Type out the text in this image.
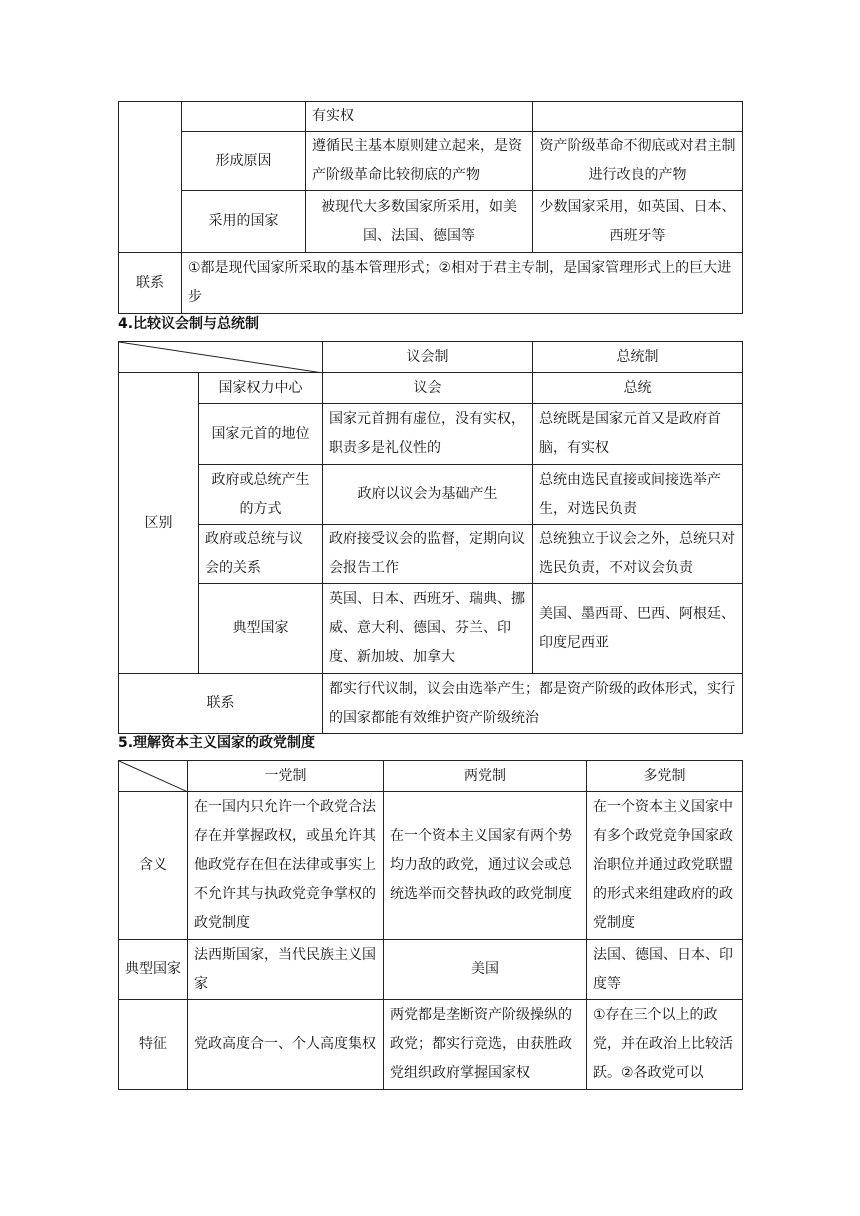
		有实权	
	形成原因	遵循民主基本原则建立起来，是资产阶级革命比较彻底的产物	资产阶级革命不彻底或对君主制进行改良的产物
	采用的国家	被现代大多数国家所采用，如美国、法国、德国等	少数国家采用，如英国、日本、西班牙等
联系	①都是现代国家所采取的基本管理形式；②相对于君主专制，是国家管理形式上的巨大进步		
4.比较议会制与总统制
	议会制	总统制
区别	国家权力中心	议会	总统
	国家元首的地位	国家元首拥有虚位，没有实权，职责多是礼仪性的	总统既是国家元首又是政府首脑，有实权
	政府或总统产生的方式	政府以议会为基础产生	总统由选民直接或间接选举产生，对选民负责
	政府或总统与议会的关系	政府接受议会的监督，定期向议会报告工作	总统独立于议会之外，总统只对选民负责，不对议会负责
	典型国家	英国、日本、西班牙、瑞典、挪威、意大利、德国、芬兰、印度、新加坡、加拿大	美国、墨西哥、巴西、阿根廷、印度尼西亚
联系		都实行代议制，议会由选举产生；都是资产阶级的政体形式，实行的国家都能有效维护资产阶级统治	
5.理解资本主义国家的政党制度
	一党制	两党制	多党制
含义	在一国内只允许一个政党合法存在并掌握政权，或虽允许其他政党存在但在法律或事实上不允许其与执政党竞争掌权的政党制度	在一个资本主义国家有两个势均力敌的政党，通过议会或总统选举而交替执政的政党制度	在一个资本主义国家中有多个政党竞争国家政治职位并通过政党联盟的形式来组建政府的政党制度
典型国家	法西斯国家，当代民族主义国家	美国	法国、德国、日本、印度等
特征	党政高度合一、个人高度集权	两党都是垄断资产阶级操纵的政党；都实行竞选，由获胜政党组织政府掌握国家权	①存在三个以上的政党，并在政治上比较活跃。②各政党可以
